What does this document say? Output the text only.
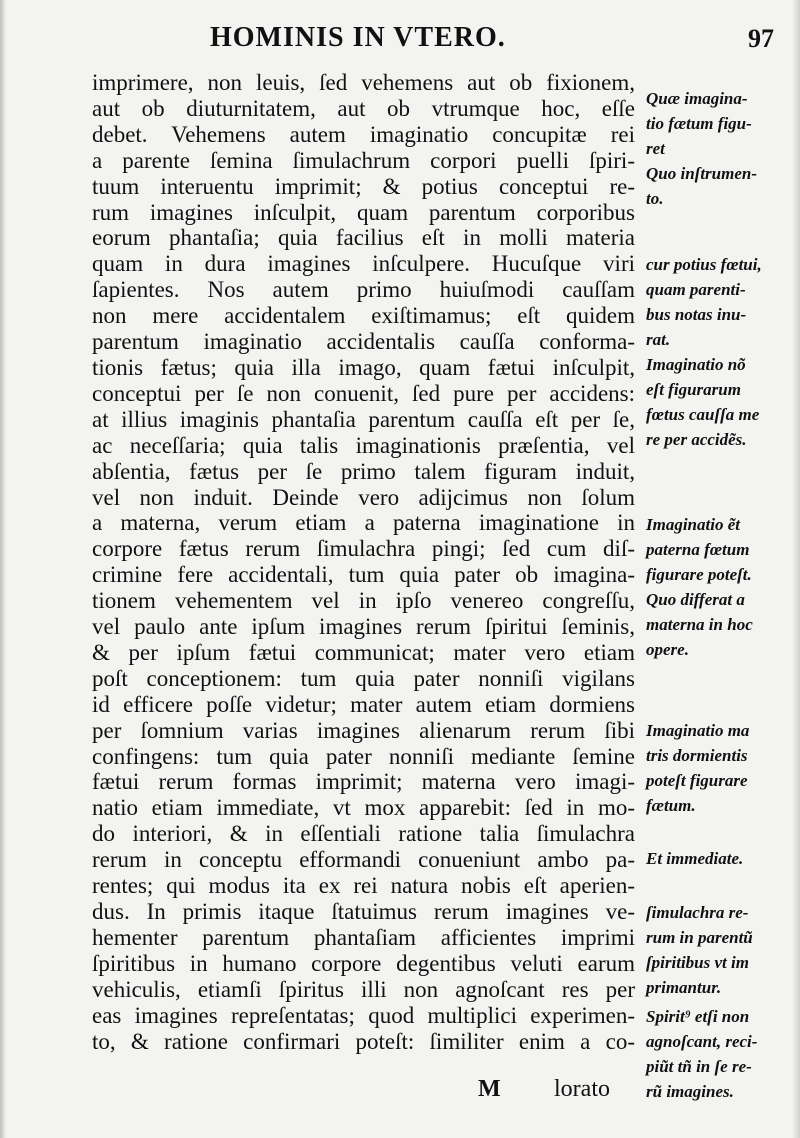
HOMINIS IN VTERO.	97
imprimere, non leuis, ſed vehemens aut ob fixionem,
aut ob diuturnitatem, aut ob vtrumque hoc, eſſe
debet. Vehemens autem imaginatio concupitæ rei
a parente ſemina ſimulachrum corpori puelli ſpiri-
tuum interuentu imprimit; & potius conceptui re-
rum imagines inſculpit, quam parentum corporibus
eorum phantaſia; quia facilius eſt in molli materia
quam in dura imagines inſculpere. Hucuſque viri
ſapientes. Nos autem primo huiuſmodi cauſſam
non mere accidentalem exiſtimamus; eſt quidem
parentum imaginatio accidentalis cauſſa conforma-
tionis fætus; quia illa imago, quam fætui inſculpit,
conceptui per ſe non conuenit, ſed pure per accidens:
at illius imaginis phantaſia parentum cauſſa eſt per ſe,
ac neceſſaria; quia talis imaginationis præſentia, vel
abſentia, fætus per ſe primo talem figuram induit,
vel non induit. Deinde vero adijcimus non ſolum
a materna, verum etiam a paterna imaginatione in
corpore fætus rerum ſimulachra pingi; ſed cum diſ-
crimine fere accidentali, tum quia pater ob imagina-
tionem vehementem vel in ipſo venereo congreſſu,
vel paulo ante ipſum imagines rerum ſpiritui ſeminis,
& per ipſum fætui communicat; mater vero etiam
poſt conceptionem: tum quia pater nonniſi vigilans
id efficere poſſe videtur; mater autem etiam dormiens
per ſomnium varias imagines alienarum rerum ſibi
confingens: tum quia pater nonniſi mediante ſemine
fætui rerum formas imprimit; materna vero imagi-
natio etiam immediate, vt mox apparebit: ſed in mo-
do interiori, & in eſſentiali ratione talia ſimulachra
rerum in conceptu efformandi conueniunt ambo pa-
rentes; qui modus ita ex rei natura nobis eſt aperien-
dus. In primis itaque ſtatuimus rerum imagines ve-
hementer parentum phantaſiam afficientes imprimi
ſpiritibus in humano corpore degentibus veluti earum
vehiculis, etiamſi ſpiritus illi non agnoſcant res per
eas imagines repreſentatas; quod multiplici experimen-
to, & ratione confirmari poteſt: ſimiliter enim a co-
Quæ imagina-
tio fætum figu-
ret
Quo inſtrumen-
to.
cur potius fœtui,
quam parenti-
bus notas inu-
rat.
Imaginatio nõ
eſt figurarum
fœtus cauſſa me
re per accidẽs.
Imaginatio ẽt
paterna fœtum
figurare poteſt.
Quo differat a
materna in hoc
opere.
Imaginatio ma
tris dormientis
poteſt figurare
fætum.
Et immediate.
ſimulachra re-
rum in parentũ
ſpiritibus vt im
primantur.
Spirit⁹ etſi non
agnoſcant, reci-
piũt tñ in ſe re-
rũ imagines.
M lorato
